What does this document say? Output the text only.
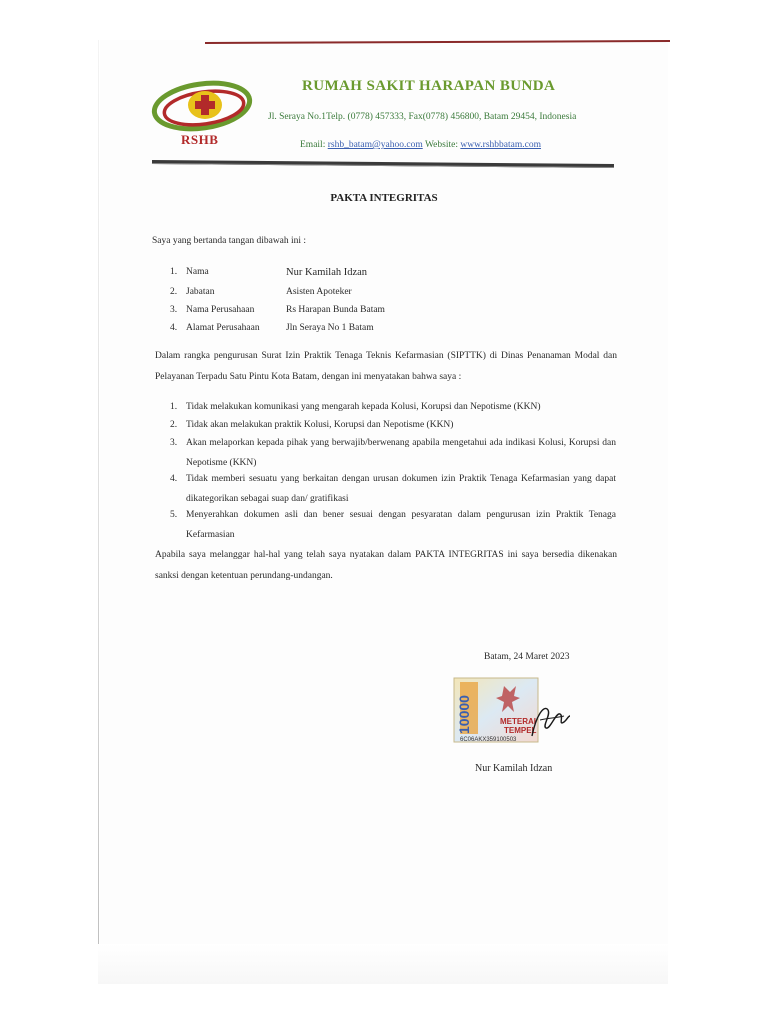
RSHB
RUMAH SAKIT HARAPAN BUNDA
Jl. Seraya No.1Telp. (0778) 457333, Fax(0778) 456800, Batam 29454, Indonesia
Email: rshb_batam@yahoo.com Website: www.rshbbatam.com
PAKTA INTEGRITAS
Saya yang bertanda tangan dibawah ini :
1. Nama	Nur Kamilah Idzan
2. Jabatan	Asisten Apoteker
3. Nama Perusahaan	Rs Harapan Bunda Batam
4. Alamat Perusahaan	Jln Seraya No 1 Batam
Dalam rangka pengurusan Surat Izin Praktik Tenaga Teknis Kefarmasian (SIPTTK) di Dinas Penanaman Modal dan Pelayanan Terpadu Satu Pintu Kota Batam, dengan ini menyatakan bahwa saya :
1. Tidak melakukan komunikasi yang mengarah kepada Kolusi, Korupsi dan Nepotisme (KKN)
2. Tidak akan melakukan praktik Kolusi, Korupsi dan Nepotisme (KKN)
3. Akan melaporkan kepada pihak yang berwajib/berwenang apabila mengetahui ada indikasi Kolusi, Korupsi dan Nepotisme (KKN)
4. Tidak memberi sesuatu yang berkaitan dengan urusan dokumen izin Praktik Tenaga Kefarmasian yang dapat dikategorikan sebagai suap dan/ gratifikasi
5. Menyerahkan dokumen asli dan bener sesuai dengan pesyaratan dalam pengurusan izin Praktik Tenaga Kefarmasian
Apabila saya melanggar hal-hal yang telah saya nyatakan dalam PAKTA INTEGRITAS ini saya bersedia dikenakan sanksi dengan ketentuan perundang-undangan.
Batam, 24 Maret 2023
10000	METERAI
TEMPEL
6C06AKX359100503
Nur Kamilah Idzan
